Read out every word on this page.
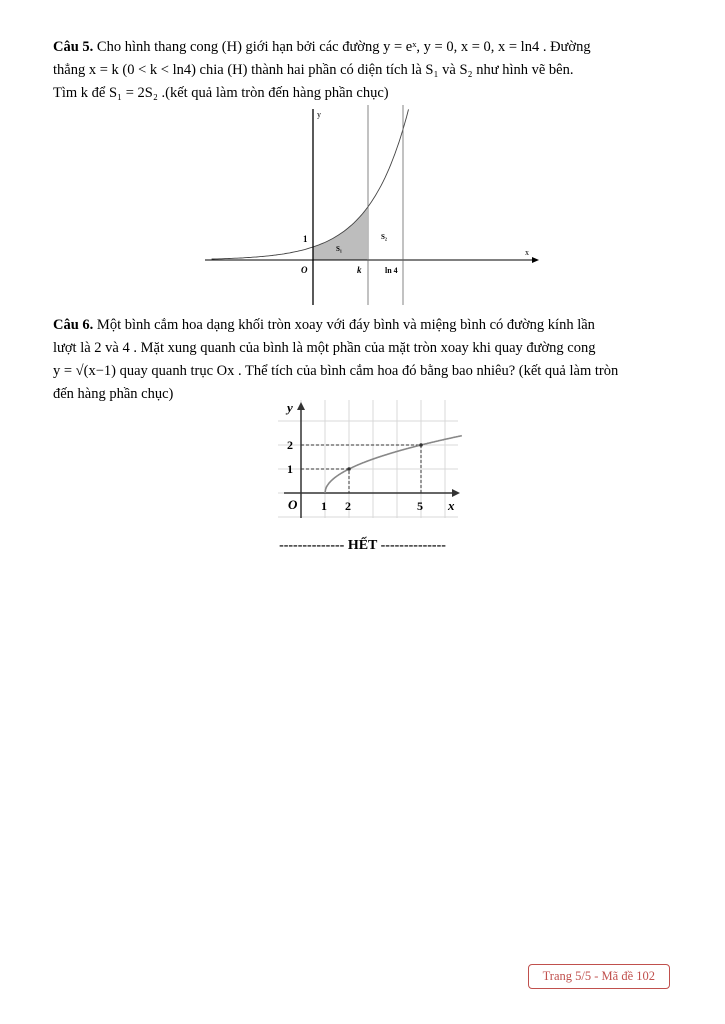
Câu 5. Cho hình thang cong (H) giới hạn bởi các đường y = eˣ, y = 0, x = 0, x = ln4 . Đường

thẳng x = k (0 < k < ln4) chia (H) thành hai phần có diện tích là S₁ và S₂ như hình vẽ bên.

Tìm k để S₁ = 2S₂ .(kết quả làm tròn đến hàng phần chục)

y
x
O
1
k	ln 4
S₁
S₂

Câu 6. Một bình cắm hoa dạng khối tròn xoay với đáy bình và miệng bình có đường kính lần

lượt là 2 và 4 . Mặt xung quanh của bình là một phần của mặt tròn xoay khi quay đường cong

y = √(x−1) quay quanh trục Ox . Thể tích của bình cắm hoa đó bằng bao nhiêu? (kết quả làm tròn

đến hàng phần chục)

y
x
O
1
2
1 2	5
-------------- HẾT --------------
Trang 5/5 - Mã đề 102
